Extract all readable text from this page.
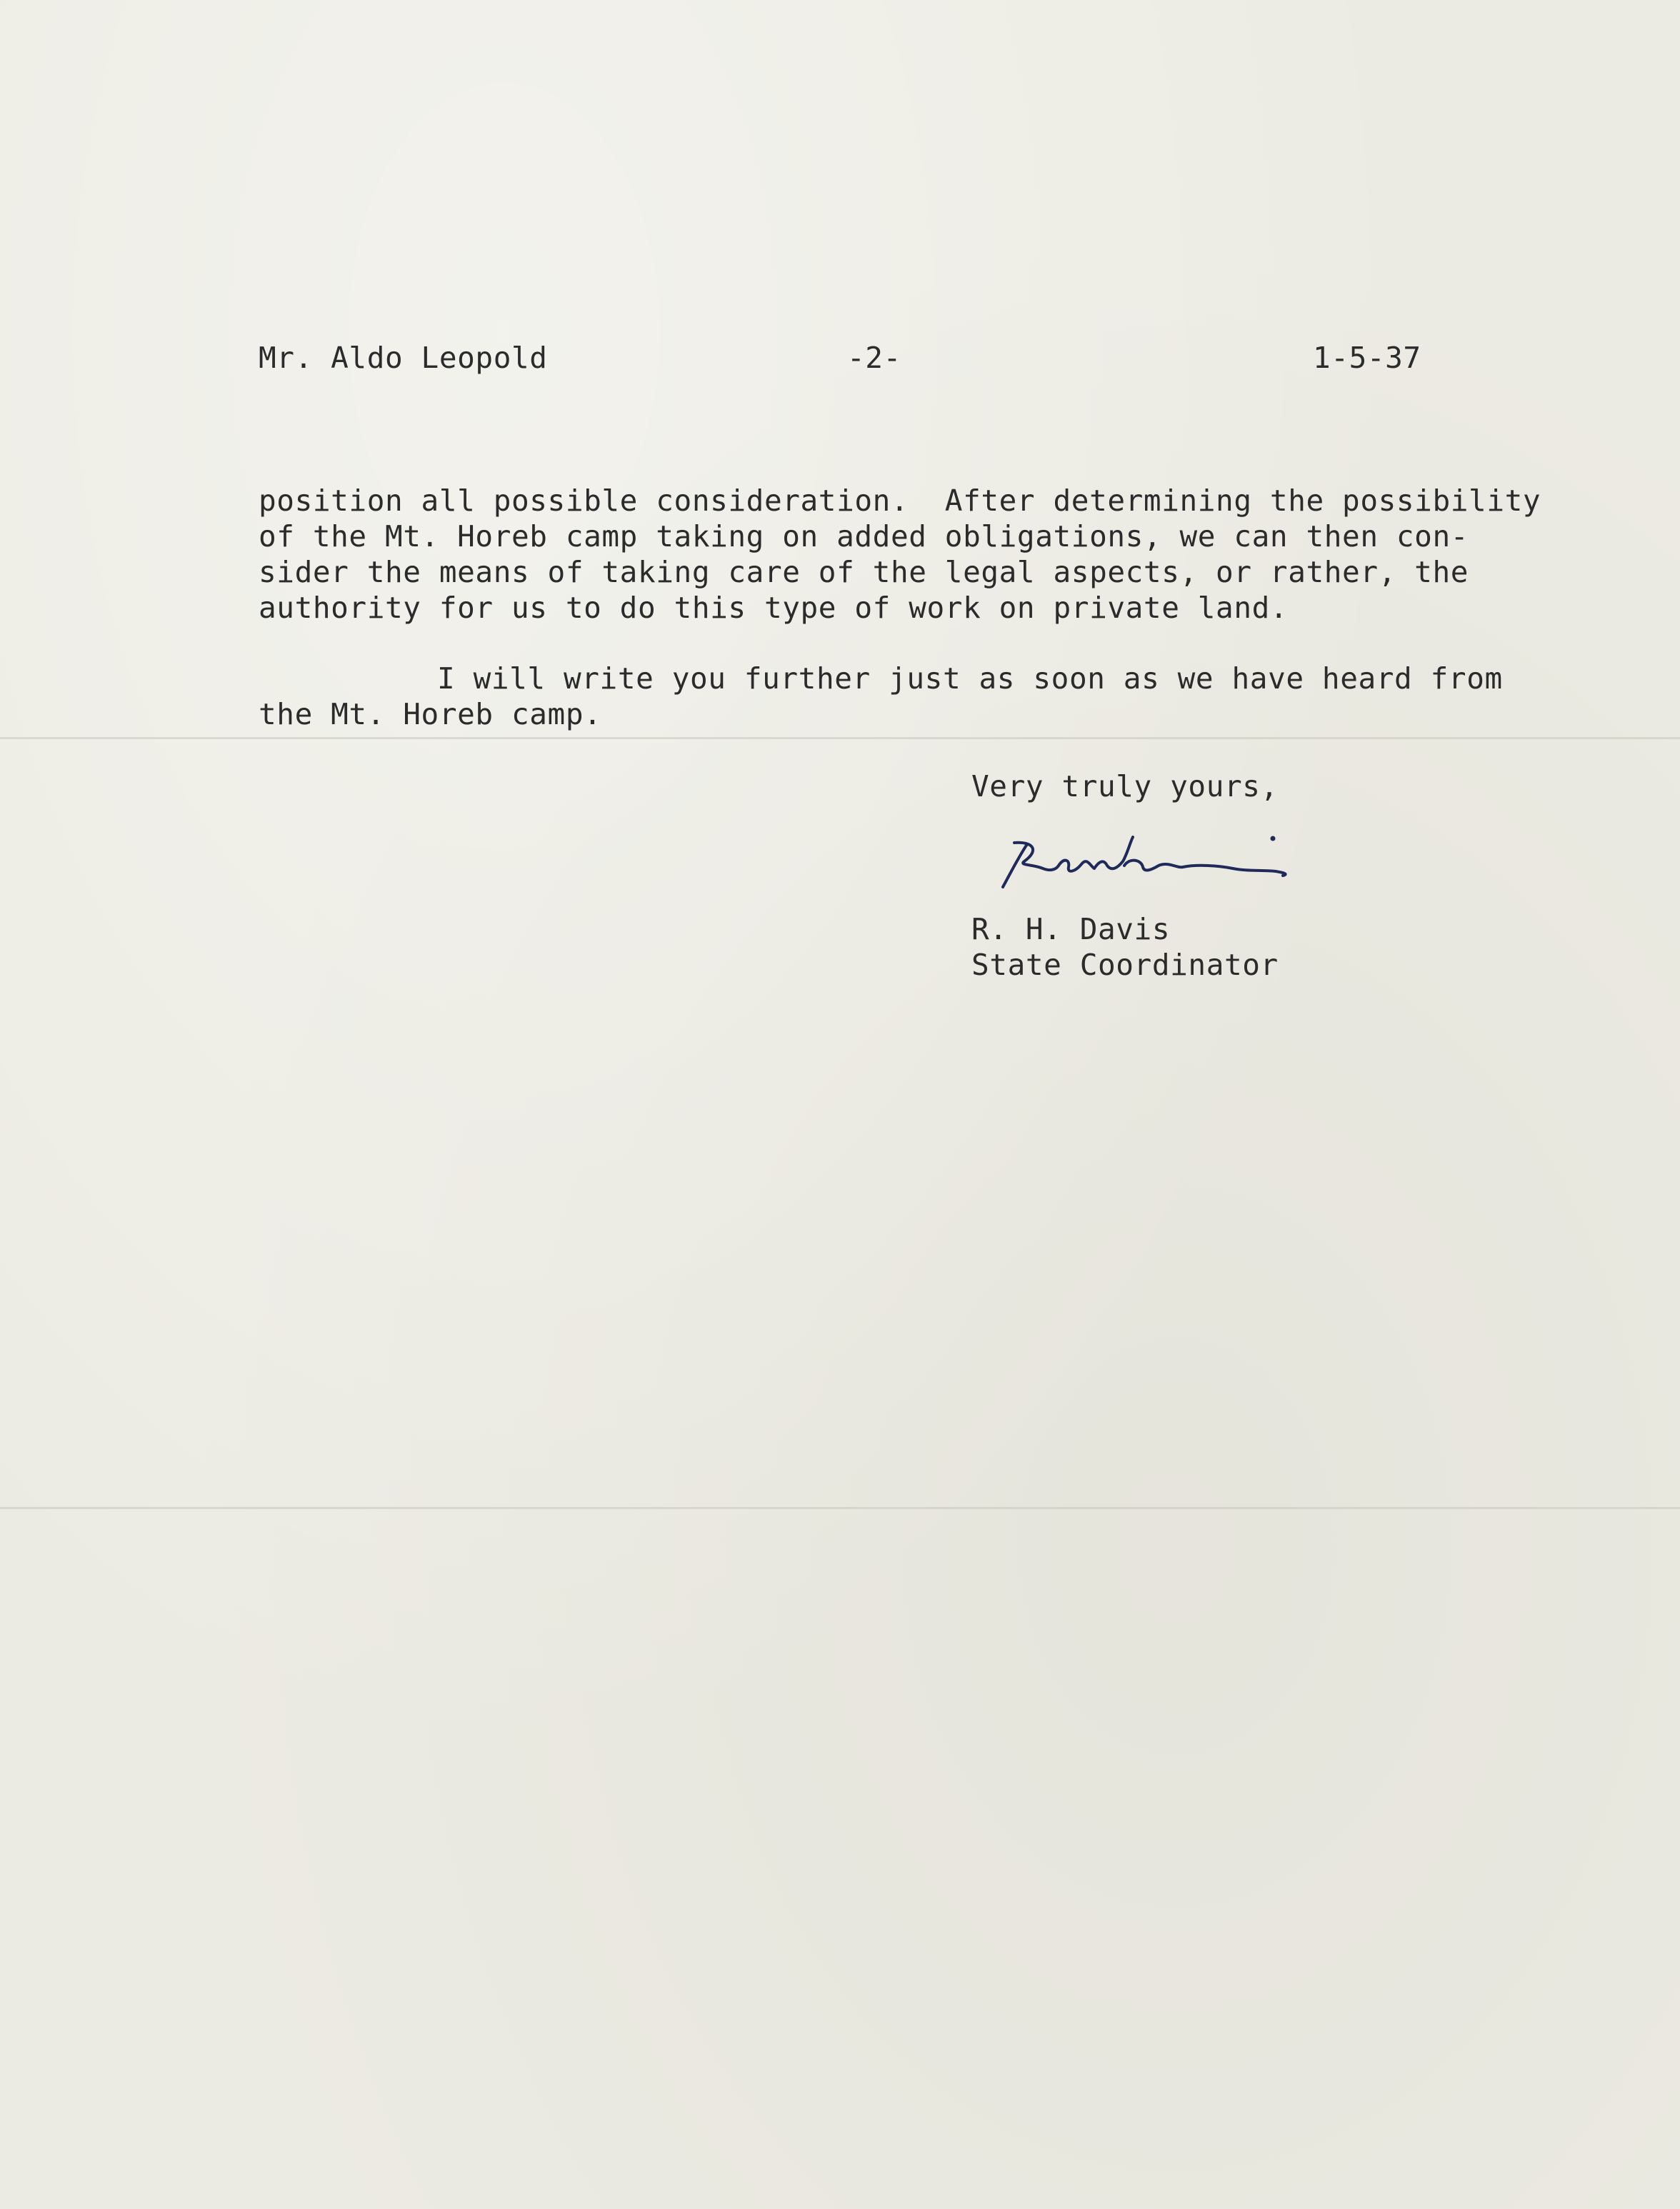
Mr. Aldo Leopold	-2-	1-5-37
position all possible consideration.  After determining the possibility
of the Mt. Horeb camp taking on added obligations, we can then con-
sider the means of taking care of the legal aspects, or rather, the
authority for us to do this type of work on private land.
I will write you further just as soon as we have heard from
the Mt. Horeb camp.
Very truly yours,
R. H. Davis
State Coordinator
